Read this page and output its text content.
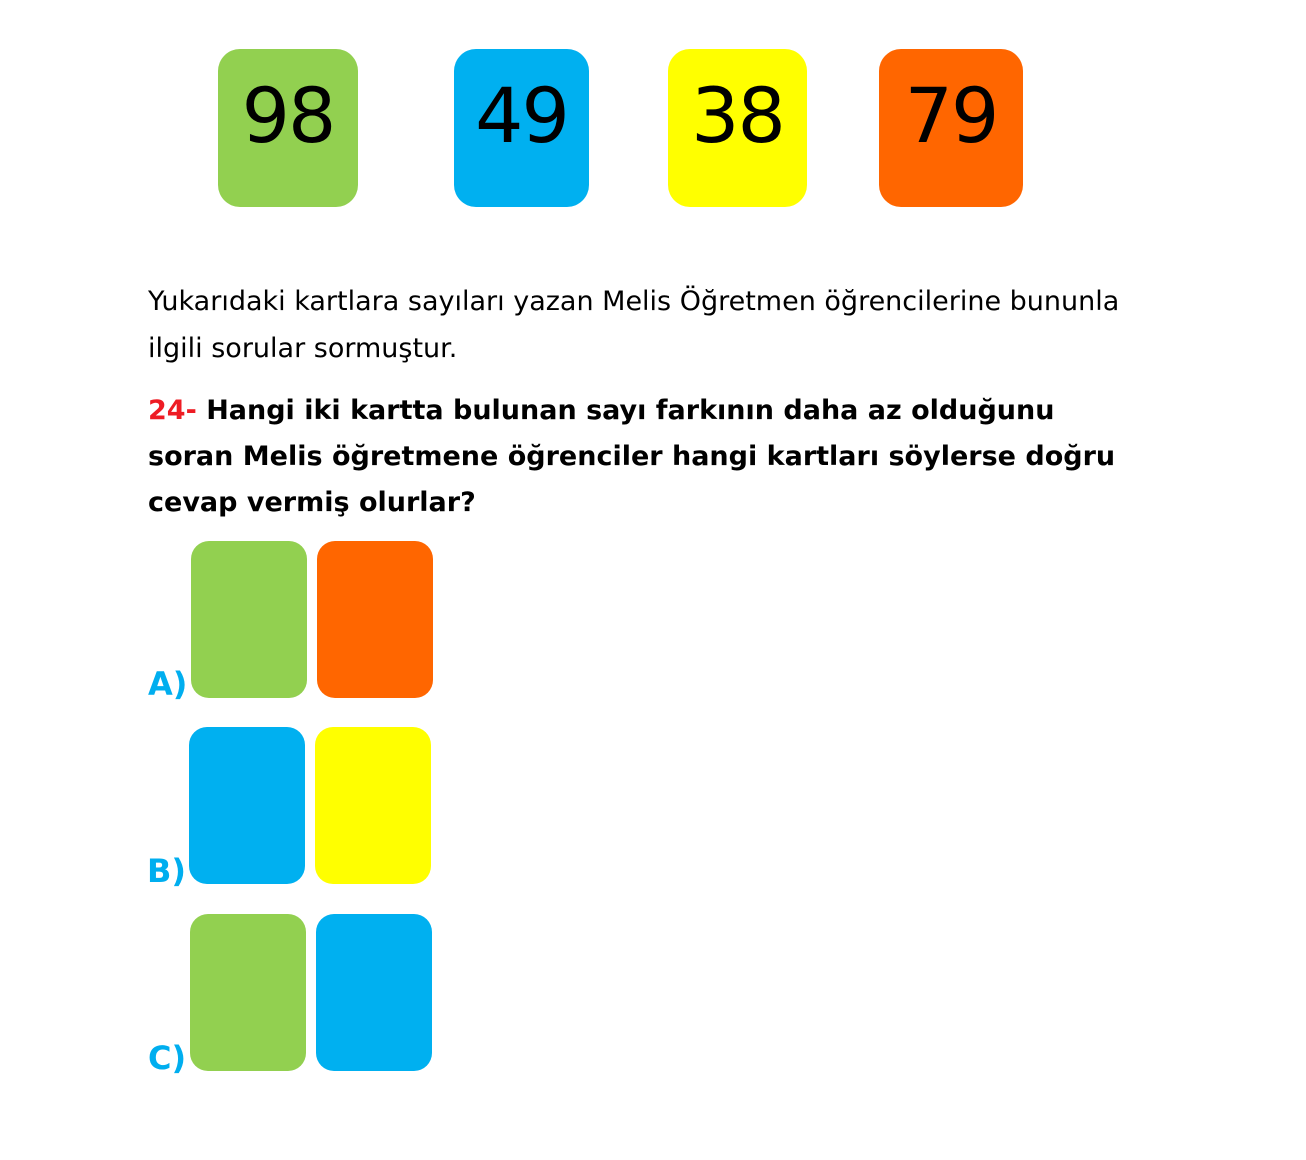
98 49 38 79

Yukarıdaki kartlara sayıları yazan Melis Öğretmen öğrencilerine bununla ilgili sorular sormuştur.

24- Hangi iki kartta bulunan sayı farkının daha az olduğunu soran Melis öğretmene öğrenciler hangi kartları söylerse doğru cevap vermiş olurlar?

A)
B)
C)
